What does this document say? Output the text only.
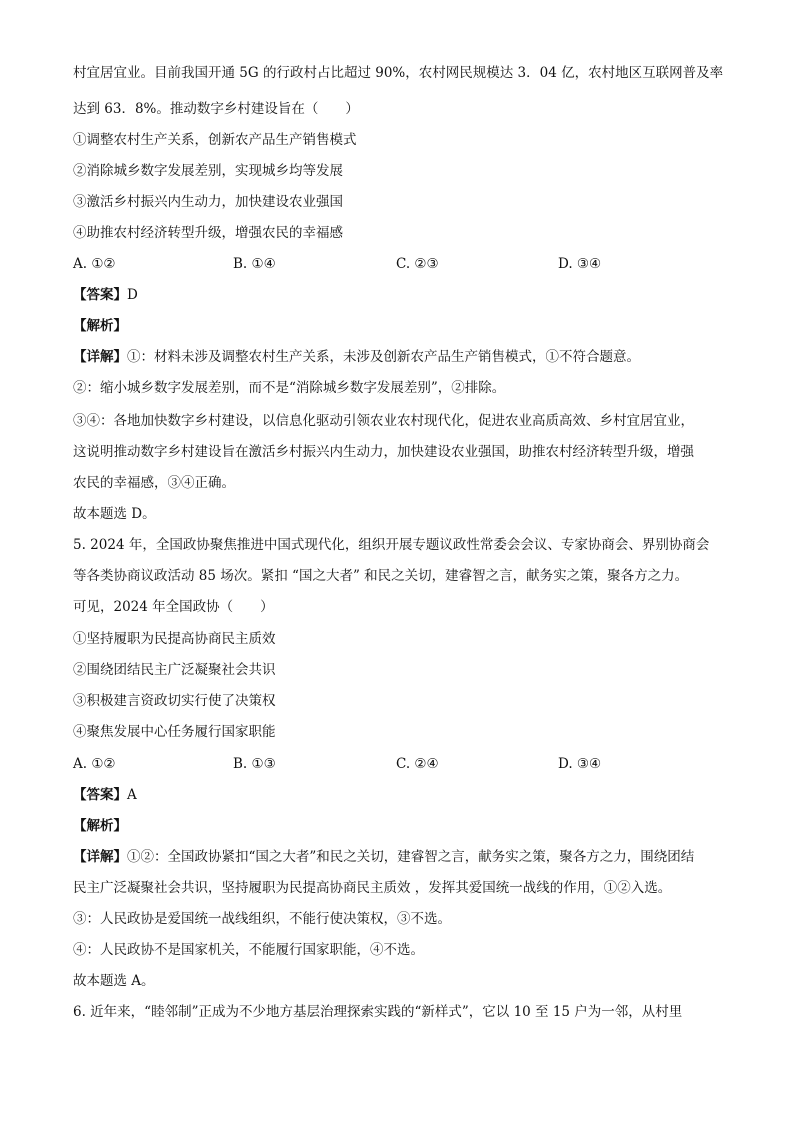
村宜居宜业。目前我国开通 5G 的行政村占比超过 90%，农村网民规模达 3．04 亿，农村地区互联网普及率
达到 63．8%。推动数字乡村建设旨在（　　）
①调整农村生产关系，创新农产品生产销售模式
②消除城乡数字发展差别，实现城乡均等发展
③激活乡村振兴内生动力，加快建设农业强国
④助推农村经济转型升级，增强农民的幸福感
A. ①②	B. ①④	C. ②③	D. ③④
【答案】D
【解析】
【详解】①：材料未涉及调整农村生产关系，未涉及创新农产品生产销售模式，①不符合题意。
②：缩小城乡数字发展差别，而不是“消除城乡数字发展差别”，②排除。
③④：各地加快数字乡村建设，以信息化驱动引领农业农村现代化，促进农业高质高效、乡村宜居宜业，
这说明推动数字乡村建设旨在激活乡村振兴内生动力，加快建设农业强国，助推农村经济转型升级，增强
农民的幸福感，③④正确。
故本题选 D。
5. 2024 年，全国政协聚焦推进中国式现代化，组织开展专题议政性常委会会议、专家协商会、界别协商会
等各类协商议政活动 85 场次。紧扣 “国之大者” 和民之关切，建睿智之言，献务实之策，聚各方之力。
可见，2024 年全国政协（　　）
①坚持履职为民提高协商民主质效
②围绕团结民主广泛凝聚社会共识
③积极建言资政切实行使了决策权
④聚焦发展中心任务履行国家职能
A. ①②	B. ①③	C. ②④	D. ③④
【答案】A
【解析】
【详解】①②：全国政协紧扣“国之大者”和民之关切，建睿智之言，献务实之策，聚各方之力，围绕团结
民主广泛凝聚社会共识，坚持履职为民提高协商民主质效 ，发挥其爱国统一战线的作用，①②入选。
③：人民政协是爱国统一战线组织，不能行使决策权，③不选。
④：人民政协不是国家机关，不能履行国家职能，④不选。
故本题选 A。
6. 近年来，“睦邻制”正成为不少地方基层治理探索实践的“新样式”，它以 10 至 15 户为一邻，从村里
